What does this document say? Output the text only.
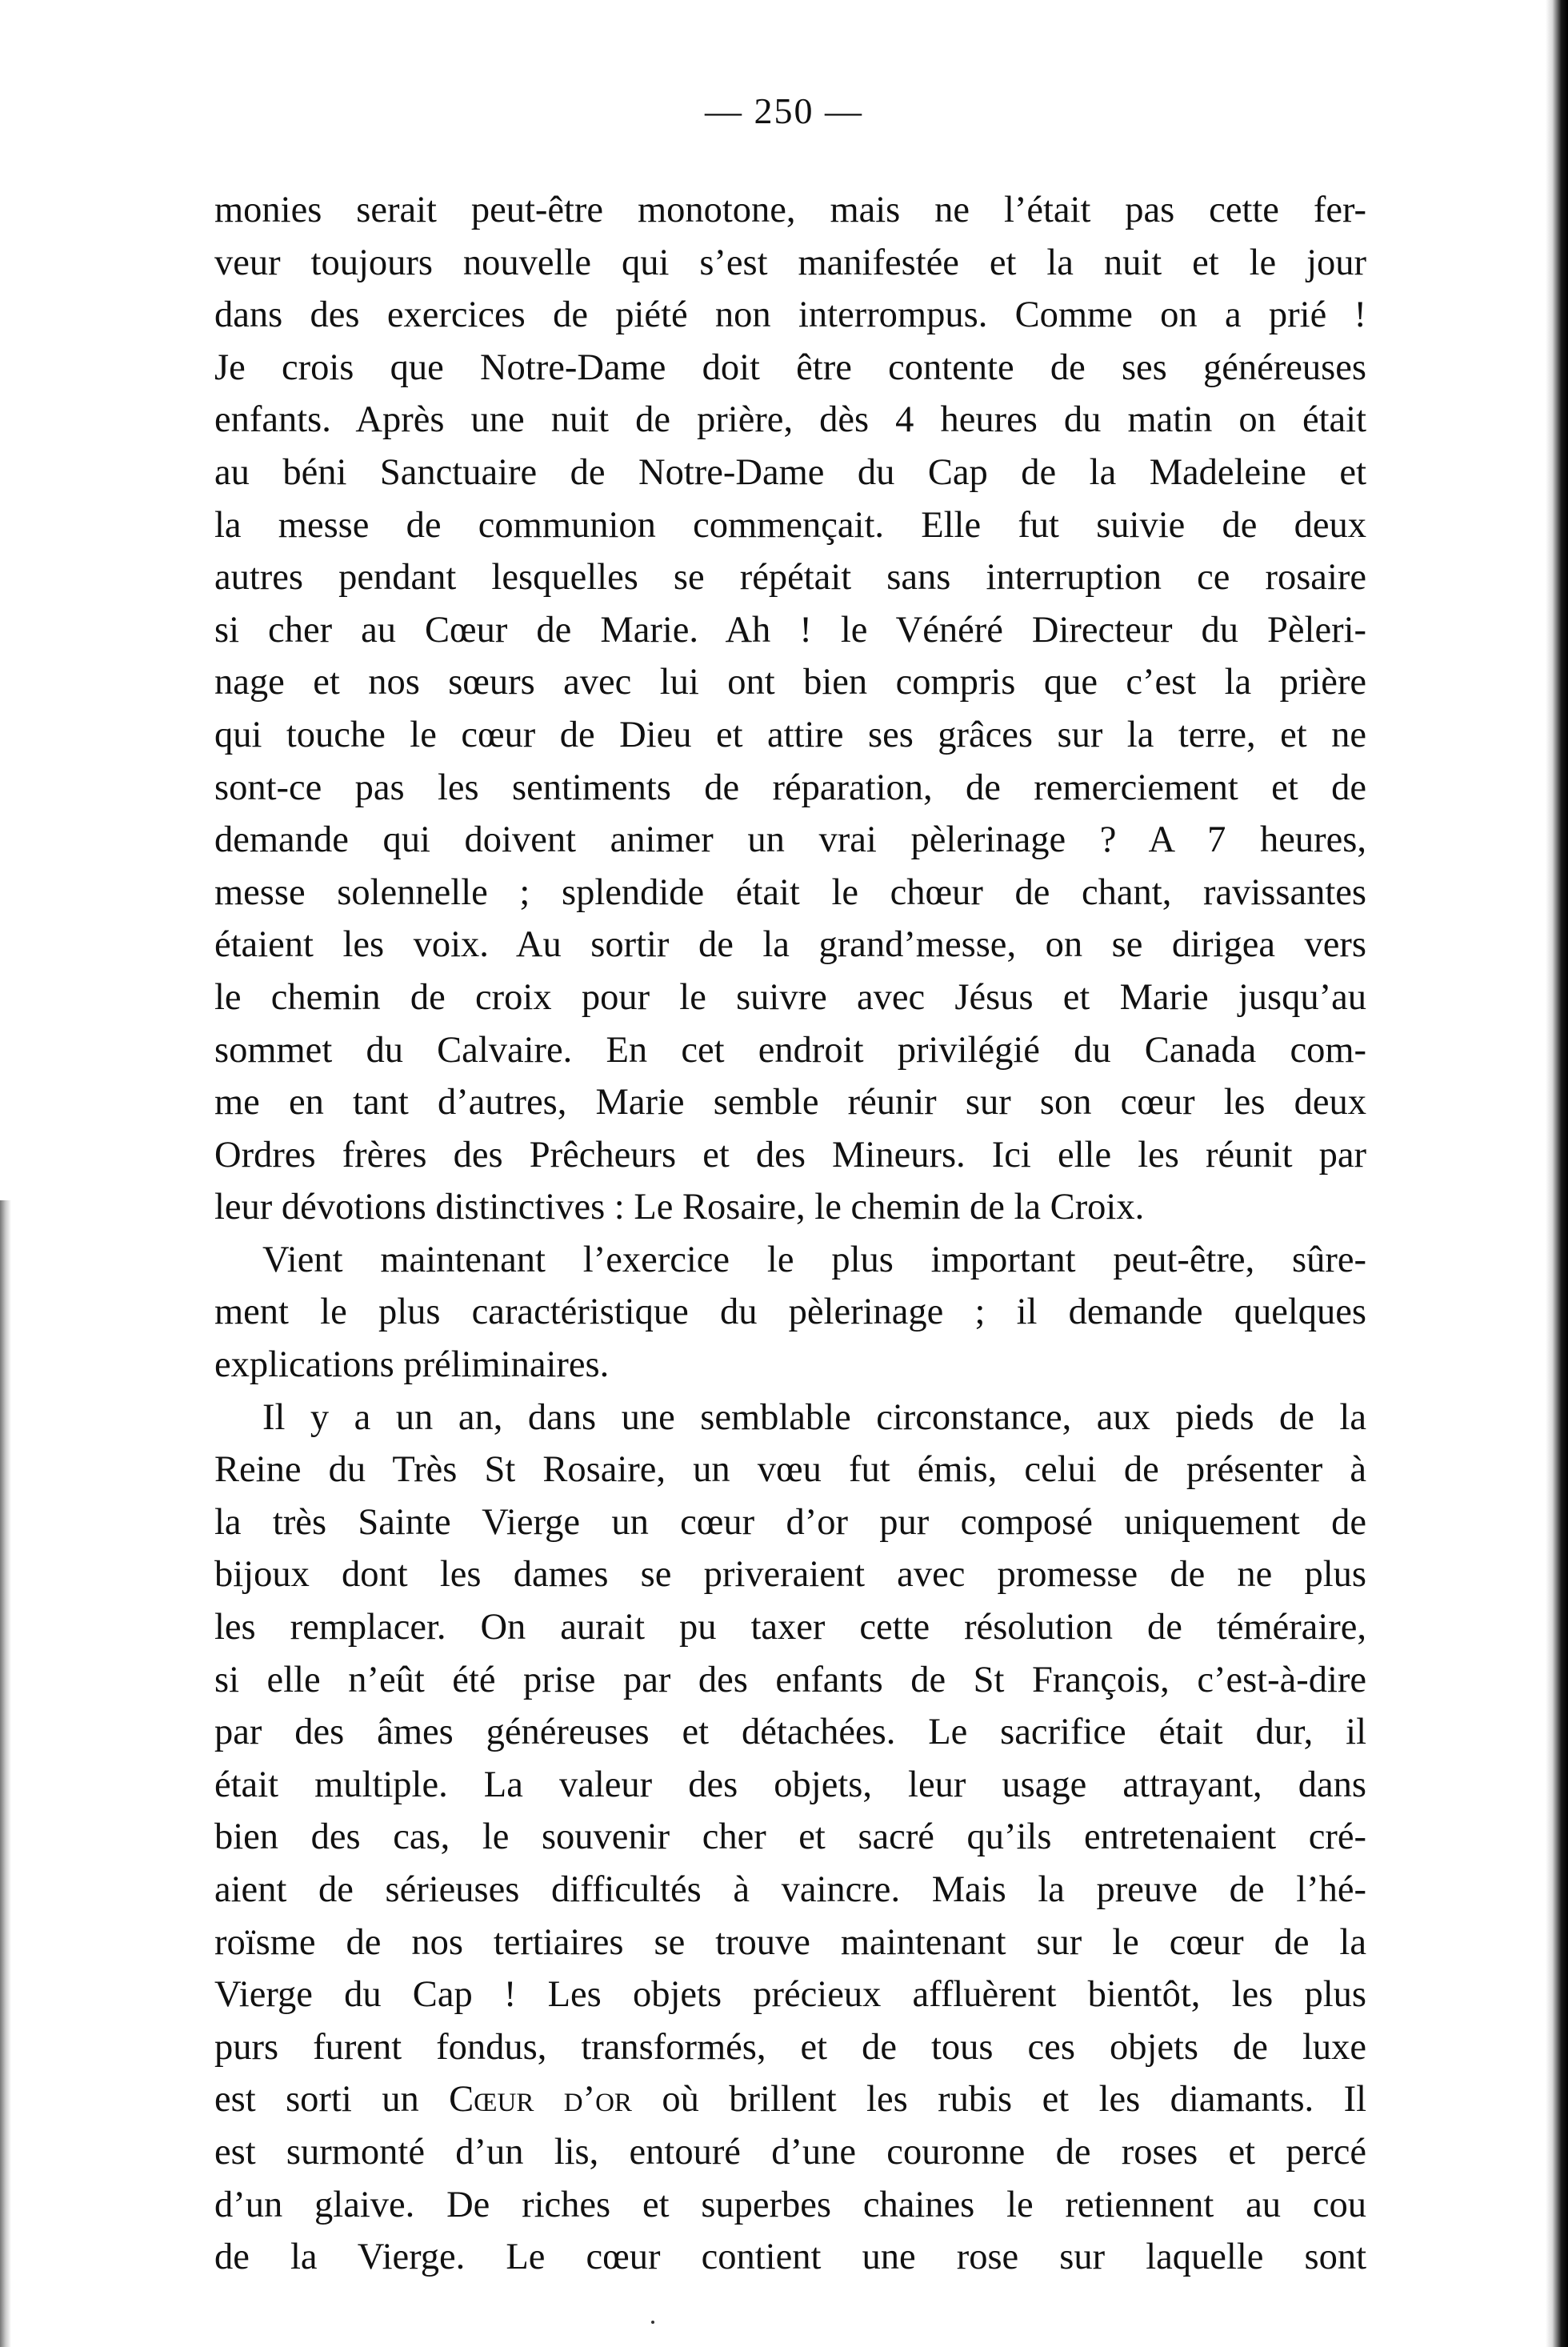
— 250 —
monies serait peut-être monotone, mais ne l’était pas cette fer-
veur toujours nouvelle qui s’est manifestée et la nuit et le jour
dans des exercices de piété non interrompus. Comme on a prié !
Je crois que Notre-Dame doit être contente de ses généreuses
enfants. Après une nuit de prière, dès 4 heures du matin on était
au béni Sanctuaire de Notre-Dame du Cap de la Madeleine et
la messe de communion commençait. Elle fut suivie de deux
autres pendant lesquelles se répétait sans interruption ce rosaire
si cher au Cœur de Marie. Ah ! le Vénéré Directeur du Pèleri-
nage et nos sœurs avec lui ont bien compris que c’est la prière
qui touche le cœur de Dieu et attire ses grâces sur la terre, et ne
sont-ce pas les sentiments de réparation, de remerciement et de
demande qui doivent animer un vrai pèlerinage ? A 7 heures,
messe solennelle ; splendide était le chœur de chant, ravissantes
étaient les voix. Au sortir de la grand’messe, on se dirigea vers
le chemin de croix pour le suivre avec Jésus et Marie jusqu’au
sommet du Calvaire. En cet endroit privilégié du Canada com-
me en tant d’autres, Marie semble réunir sur son cœur les deux
Ordres frères des Prêcheurs et des Mineurs. Ici elle les réunit par
leur dévotions distinctives : Le Rosaire, le chemin de la Croix.
Vient maintenant l’exercice le plus important peut-être, sûre-
ment le plus caractéristique du pèlerinage ; il demande quelques
explications préliminaires.
Il y a un an, dans une semblable circonstance, aux pieds de la
Reine du Très St Rosaire, un vœu fut émis, celui de présenter à
la très Sainte Vierge un cœur d’or pur composé uniquement de
bijoux dont les dames se priveraient avec promesse de ne plus
les remplacer. On aurait pu taxer cette résolution de téméraire,
si elle n’eût été prise par des enfants de St François, c’est-à-dire
par des âmes généreuses et détachées. Le sacrifice était dur, il
était multiple. La valeur des objets, leur usage attrayant, dans
bien des cas, le souvenir cher et sacré qu’ils entretenaient cré-
aient de sérieuses difficultés à vaincre. Mais la preuve de l’hé-
roïsme de nos tertiaires se trouve maintenant sur le cœur de la
Vierge du Cap ! Les objets précieux affluèrent bientôt, les plus
purs furent fondus, transformés, et de tous ces objets de luxe
est sorti un Cœur d’or où brillent les rubis et les diamants. Il
est surmonté d’un lis, entouré d’une couronne de roses et percé
d’un glaive. De riches et superbes chaines le retiennent au cou
de la Vierge. Le cœur contient une rose sur laquelle sont
